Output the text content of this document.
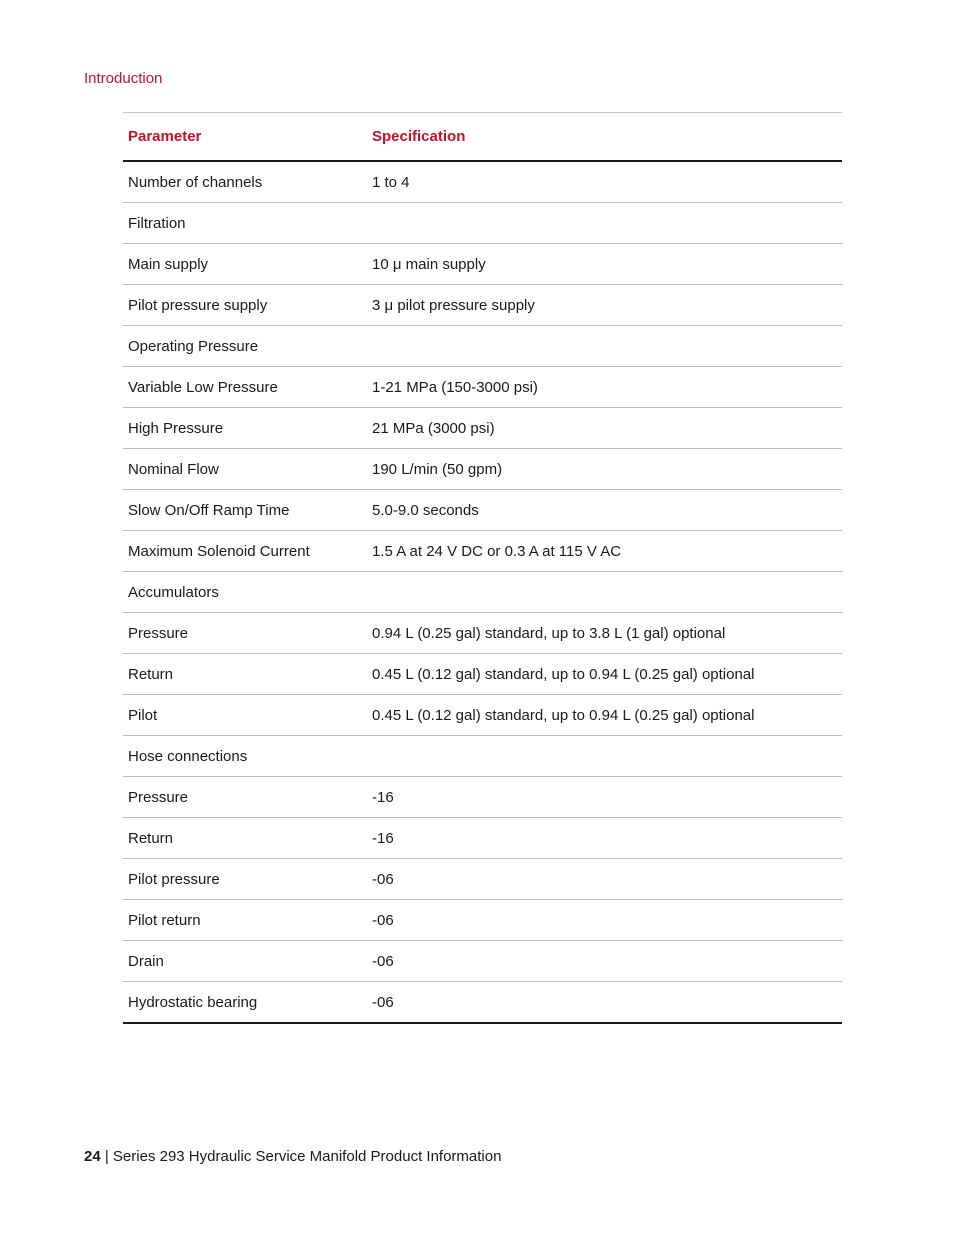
Introduction
Parameter	Specification
Number of channels	1 to 4
Filtration	
Main supply	10 μ main supply
Pilot pressure supply	3 μ pilot pressure supply
Operating Pressure	
Variable Low Pressure	1-21 MPa (150-3000 psi)
High Pressure	21 MPa (3000 psi)
Nominal Flow	190 L/min (50 gpm)
Slow On/Off Ramp Time	5.0-9.0 seconds
Maximum Solenoid Current	1.5 A at 24 V DC or 0.3 A at 115 V AC
Accumulators	
Pressure	0.94 L (0.25 gal) standard, up to 3.8 L (1 gal) optional
Return	0.45 L (0.12 gal) standard, up to 0.94 L (0.25 gal) optional
Pilot	0.45 L (0.12 gal) standard, up to 0.94 L (0.25 gal) optional
Hose connections	
Pressure	-16
Return	-16
Pilot pressure	-06
Pilot return	-06
Drain	-06
Hydrostatic bearing	-06
24 | Series 293 Hydraulic Service Manifold Product Information
